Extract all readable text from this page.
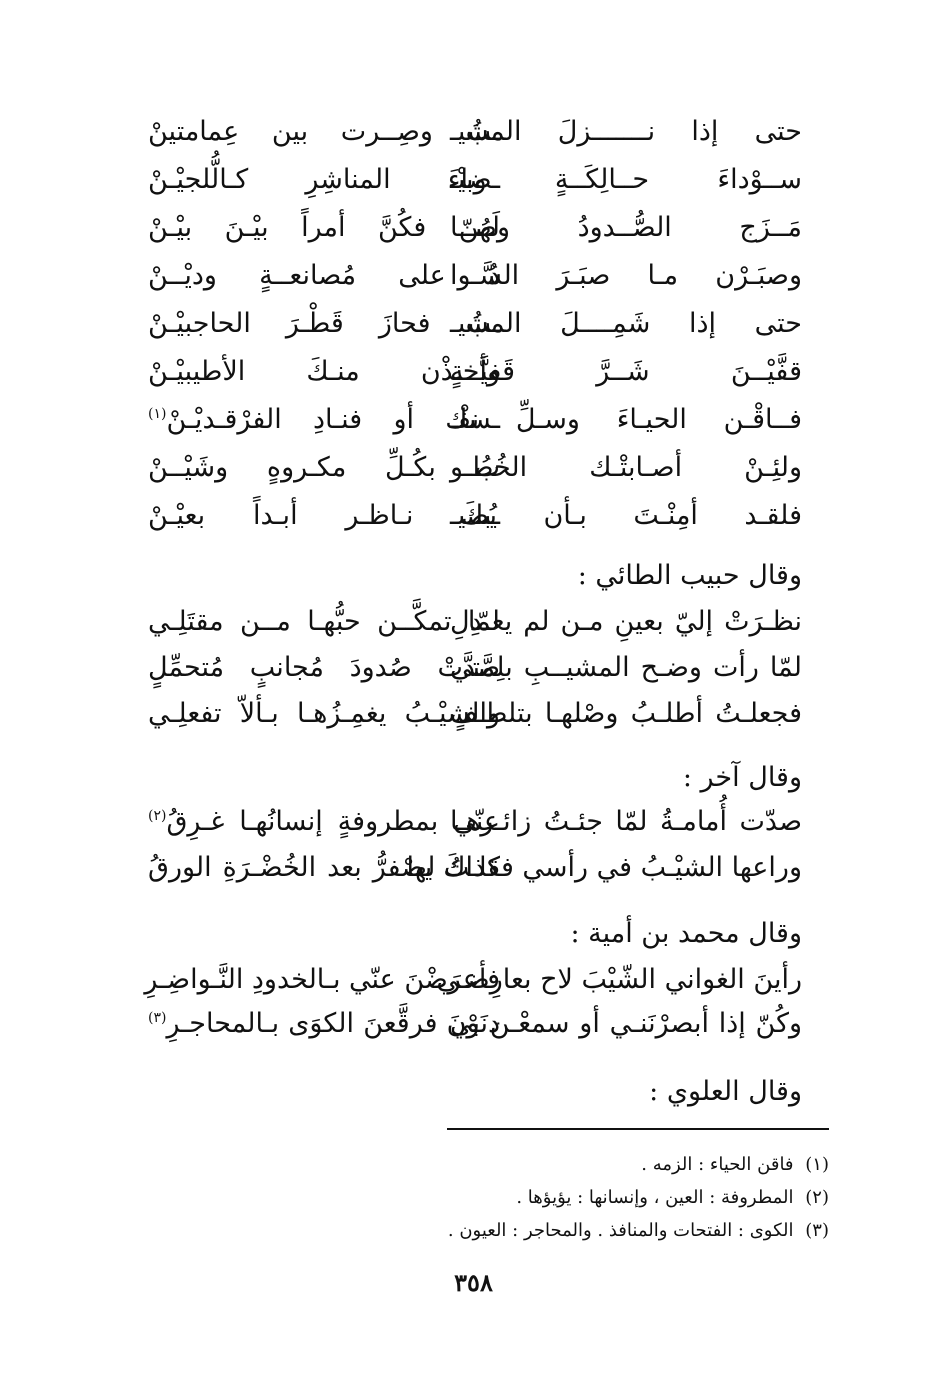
حتى إذا نـــــــزلَ المشيـ
ـبُ وصِــرت بين عِمامتينْ
ســوْداءَ حــالِكَــةٍ وبيْـ
ـضاءَ المناشِرِ كـالُّلجيْـنْ
مَــزَج الصُّــدودُ وصــا
لَهُنّ فكُنَّ أمراً بيْـنَ بيْـنْ
وصبَـرْن مـا صبَـرَ السَّـوا
دُ على مُصانعــةٍ وديْــنْ
حتى إذا شَمِــــلَ المشيـ
ـبُ فحازَ قَطْـرَ الحاجبيْـنْ
قفَّيْــنَ شَــرَّ قَفيَّــةٍ
وأخـذْن منـكَ الأطيبيْـنْ
فــاقْـن الحيـاءَ وسـلِّ نفْـ
ـسك أو فنـادِ الفرْقـديْـنْ$^{(١)}$
ولئِـنْ أصـابتْـك الخُطـو
بُ بكُـلِّ مكـروهٍ وشَيْــنْ
فلقـد أمِنْـتَ بـأن يُصيـ
ـبكَ نـاظـر أبـداً بعيْـنْ
وقال حبيب الطائي :
نظـرَتْ إليّ بعينِ مـن لم يعـدِلِ
لمّا تمكَّــن حبُّهـا مــن مقتَلِـي
لمّا رأت وضـح المشيــبِ بلِمَّتي
صدَّتْ صُدودَ مُجانبٍ مُتحمِّلٍ
فجعلـتُ أطلـبُ وصْلهـا بتلطـفٍ
والشيْـبُ يغمِـزُهـا بـألاّ تفعلِـي
وقال آخر :
صدّت أُمامـةُ لمّا جئـتُ زائـرهـا
عنّي بمطروفةٍ إنسانُهـا غـرِقُ$^{(٢)}$
وراعها الشيْـبُ في رأسي فقلـتُ لها
كذاكَ يصْفرُّ بعد الخُضْـرَةِ الورقُ
وقال محمد بن أمية :
رأينَ الغواني الشّيْبَ لاح بعارِضـي
فأعرَضْنَ عنّي بـالخدودِ النَّـواضِـرِ
وكُنّ إذا أبصرْنَنـي أو سمعْـن بي
دنَوْنَ فرقَّعنَ الكوَى بـالمحاجـرِ$^{(٣)}$
وقال العلوي :
(١) فاقن الحياء : الزمه .
(٢) المطروفة : العين ، وإنسانها : يؤيؤها .
(٣) الكوى : الفتحات والمنافذ . والمحاجر : العيون .
٣٥٨
